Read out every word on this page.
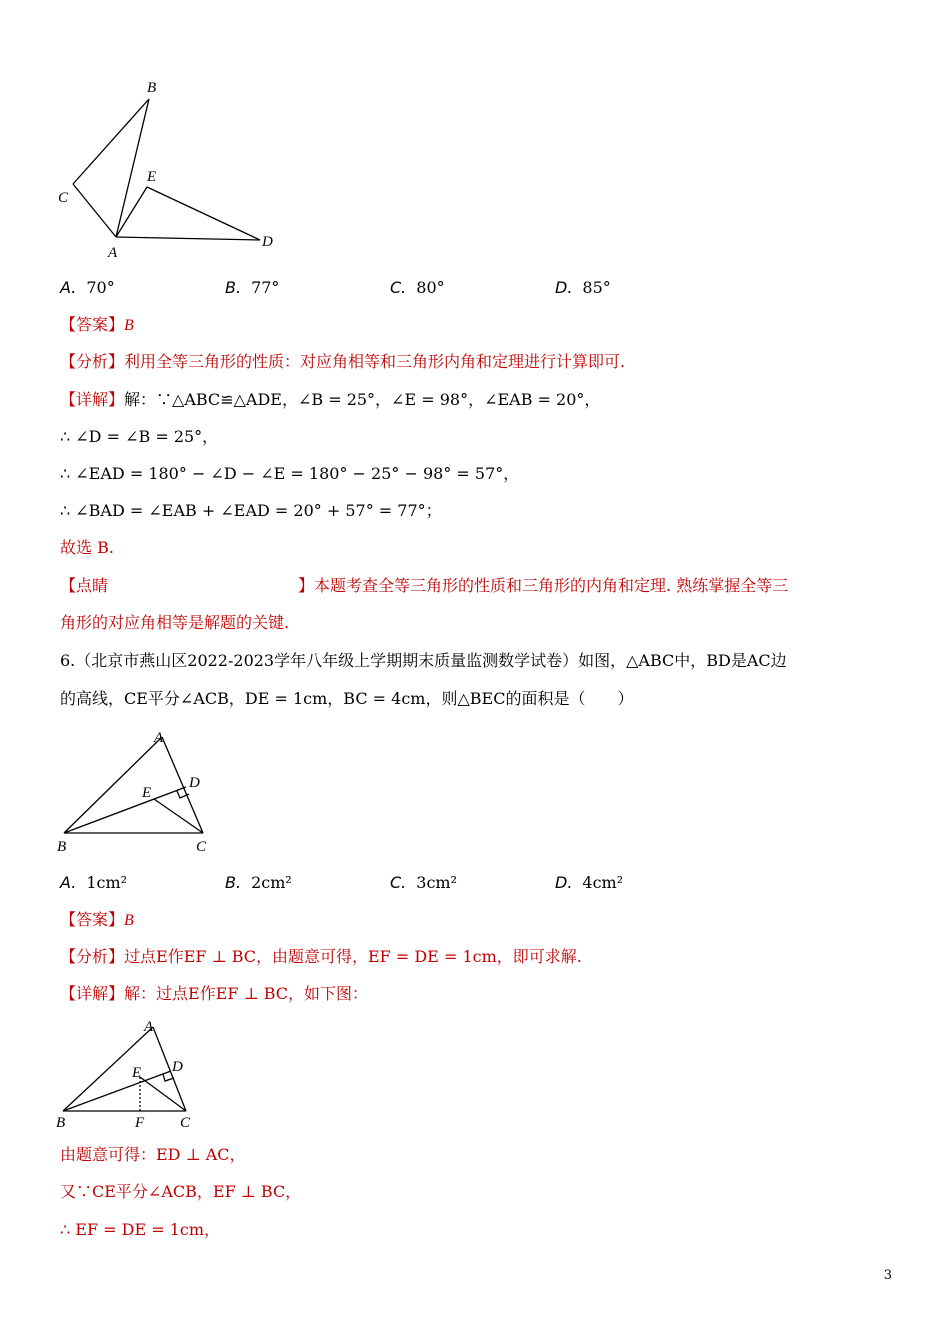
B
C
E
A
D
A. 70°	B. 77°	C. 80°	D. 85°
【答案】B
【分析】利用全等三角形的性质：对应角相等和三角形内角和定理进行计算即可.
【详解】解：∵△ABC≌△ADE，∠B = 25°，∠E = 98°，∠EAB = 20°，
∴ ∠D = ∠B = 25°，
∴ ∠EAD = 180° − ∠D − ∠E = 180° − 25° − 98° = 57°，
∴ ∠BAD = ∠EAB + ∠EAD = 20° + 57° = 77°；
故选 B.
【点睛	】本题考查全等三角形的性质和三角形的内角和定理. 熟练掌握全等三
角形的对应角相等是解题的关键.
6.（北京市燕山区2022-2023学年八年级上学期期末质量监测数学试卷）如图，△ABC中，BD是AC边
的高线，CE平分∠ACB，DE = 1cm，BC = 4cm，则△BEC的面积是（　　）
A
D
E
B	C
A. 1cm²	B. 2cm²	C. 3cm²	D. 4cm²
【答案】B
【分析】过点E作EF ⊥ BC，由题意可得，EF = DE = 1cm，即可求解.
【详解】解：过点E作EF ⊥ BC，如下图：
A
D
E
B	F C
由题意可得：ED ⊥ AC，
又∵CE平分∠ACB，EF ⊥ BC，
∴ EF = DE = 1cm，
3
